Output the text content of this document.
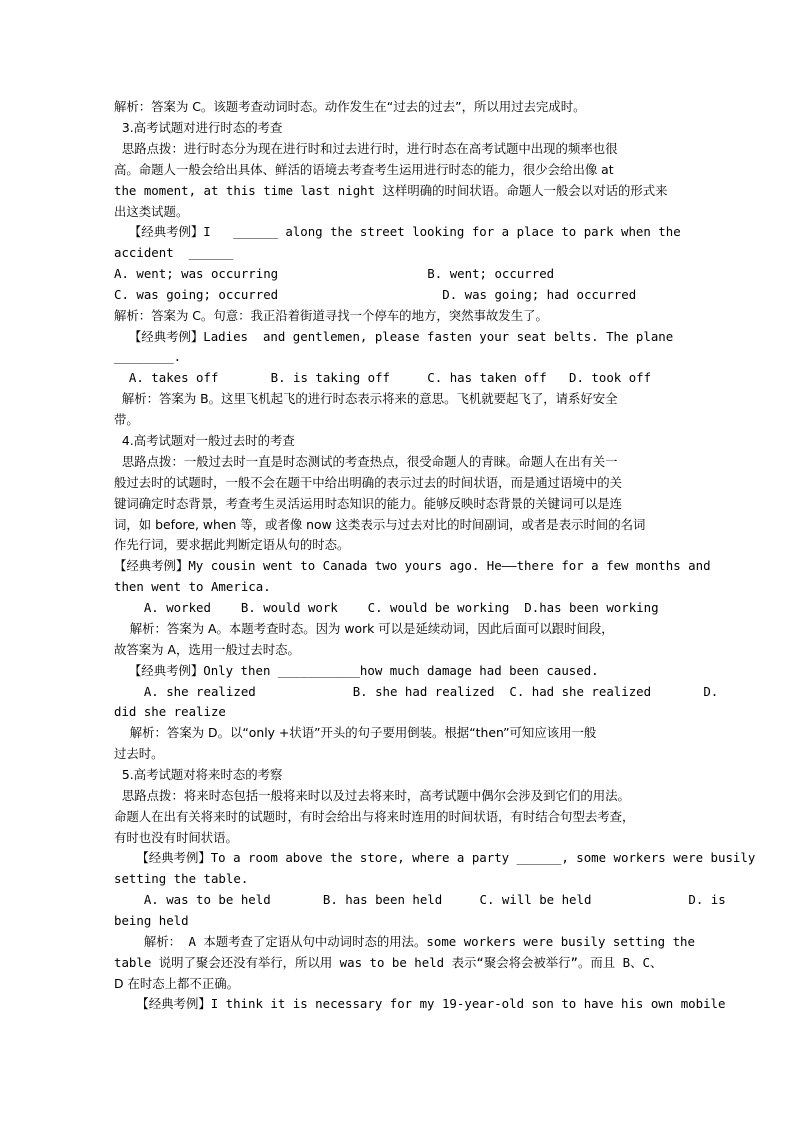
解析：答案为 C。该题考查动词时态。动作发生在“过去的过去”，所以用过去完成时。
3.高考试题对进行时态的考查
思路点拨：进行时态分为现在进行时和过去进行时，进行时态在高考试题中出现的频率也很
高。命题人一般会给出具体、鲜活的语境去考查考生运用进行时态的能力，很少会给出像 at
the moment, at this time last night 这样明确的时间状语。命题人一般会以对话的形式来
出这类试题。
【经典考例】I   ______ along the street looking for a place to park when the
accident  ______
A. went; was occurring                    B. went; occurred
C. was going; occurred                      D. was going; had occurred
解析：答案为 C。句意：我正沿着街道寻找一个停车的地方，突然事故发生了。
【经典考例】Ladies  and gentlemen, please fasten your seat belts. The plane
________.
A. takes off       B. is taking off     C. has taken off   D. took off
解析：答案为 B。这里飞机起飞的进行时态表示将来的意思。飞机就要起飞了，请系好安全
带。
4.高考试题对一般过去时的考查
思路点拨：一般过去时一直是时态测试的考查热点，很受命题人的青睐。命题人在出有关一
般过去时的试题时，一般不会在题干中给出明确的表示过去的时间状语，而是通过语境中的关
键词确定时态背景，考查考生灵活运用时态知识的能力。能够反映时态背景的关键词可以是连
词，如 before, when 等，或者像 now 这类表示与过去对比的时间副词，或者是表示时间的名词
作先行词，要求据此判断定语从句的时态。
【经典考例】My cousin went to Canada two yours ago. He——there for a few months and
then went to America.
A. worked    B. would work    C. would be working  D.has been working
解析：答案为 A。本题考查时态。因为 work 可以是延续动词，因此后面可以跟时间段，
故答案为 A，选用一般过去时态。
【经典考例】Only then ___________how much damage had been caused.
A. she realized             B. she had realized  C. had she realized       D.
did she realize
解析：答案为 D。以“only +状语”开头的句子要用倒装。根据“then”可知应该用一般
过去时。
5.高考试题对将来时态的考察
思路点拨：将来时态包括一般将来时以及过去将来时，高考试题中偶尔会涉及到它们的用法。
命题人在出有关将来时的试题时，有时会给出与将来时连用的时间状语，有时结合句型去考查，
有时也没有时间状语。
【经典考例】To a room above the store, where a party ______, some workers were busily
setting the table.
A. was to be held       B. has been held     C. will be held             D. is
being held
解析： A 本题考查了定语从句中动词时态的用法。some workers were busily setting the
table 说明了聚会还没有举行，所以用 was to be held 表示“聚会将会被举行”。而且 B、C、
D 在时态上都不正确。
【经典考例】I think it is necessary for my 19-year-old son to have his own mobile
